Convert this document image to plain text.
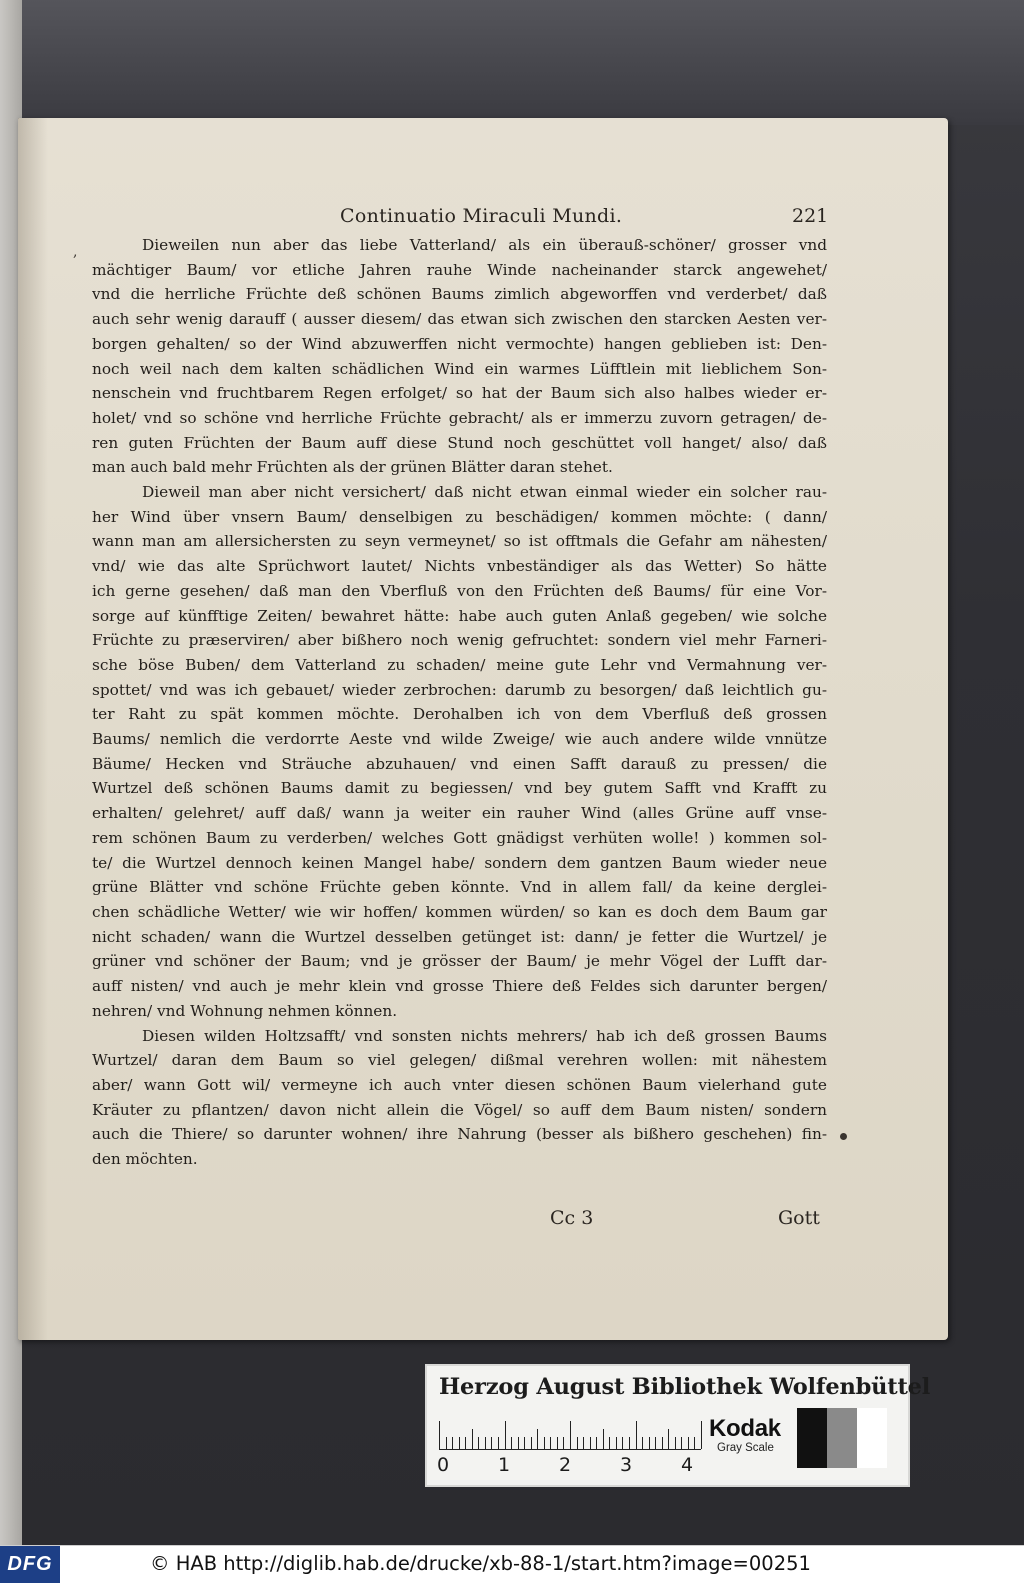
Continuatio Miraculi Mundi.	221
,	Dieweilen nun aber das liebe Vatterland/ als ein überauß-schöner/ grosser vnd
mächtiger Baum/ vor etliche Jahren rauhe Winde nacheinander starck angewehet/
vnd die herrliche Früchte deß schönen Baums zimlich abgeworffen vnd verderbet/ daß
auch sehr wenig darauff ( ausser diesem/ das etwan sich zwischen den starcken Aesten ver-
borgen gehalten/ so der Wind abzuwerffen nicht vermochte) hangen geblieben ist: Den-
noch weil nach dem kalten schädlichen Wind ein warmes Lüfftlein mit lieblichem Son-
nenschein vnd fruchtbarem Regen erfolget/ so hat der Baum sich also halbes wieder er-
holet/ vnd so schöne vnd herrliche Früchte gebracht/ als er immerzu zuvorn getragen/ de-
ren guten Früchten der Baum auff diese Stund noch geschüttet voll hanget/ also/ daß
man auch bald mehr Früchten als der grünen Blätter daran stehet.

Dieweil man aber nicht versichert/ daß nicht etwan einmal wieder ein solcher rau-
her Wind über vnsern Baum/ denselbigen zu beschädigen/ kommen möchte: ( dann/
wann man am allersichersten zu seyn vermeynet/ so ist offtmals die Gefahr am nähesten/
vnd/ wie das alte Sprüchwort lautet/ Nichts vnbeständiger als das Wetter) So hätte
ich gerne gesehen/ daß man den Vberfluß von den Früchten deß Baums/ für eine Vor-
sorge auf künfftige Zeiten/ bewahret hätte: habe auch guten Anlaß gegeben/ wie solche
Früchte zu præserviren/ aber bißhero noch wenig gefruchtet: sondern viel mehr Farneri-
sche böse Buben/ dem Vatterland zu schaden/ meine gute Lehr vnd Vermahnung ver-
spottet/ vnd was ich gebauet/ wieder zerbrochen: darumb zu besorgen/ daß leichtlich gu-
ter Raht zu spät kommen möchte. Derohalben ich von dem Vberfluß deß grossen
Baums/ nemlich die verdorrte Aeste vnd wilde Zweige/ wie auch andere wilde vnnütze
Bäume/ Hecken vnd Sträuche abzuhauen/ vnd einen Safft darauß zu pressen/ die
Wurtzel deß schönen Baums damit zu begiessen/ vnd bey gutem Safft vnd Krafft zu
erhalten/ gelehret/ auff daß/ wann ja weiter ein rauher Wind (alles Grüne auff vnse-
rem schönen Baum zu verderben/ welches Gott gnädigst verhüten wolle! ) kommen sol-
te/ die Wurtzel dennoch keinen Mangel habe/ sondern dem gantzen Baum wieder neue
grüne Blätter vnd schöne Früchte geben könnte. Vnd in allem fall/ da keine derglei-
chen schädliche Wetter/ wie wir hoffen/ kommen würden/ so kan es doch dem Baum gar
nicht schaden/ wann die Wurtzel desselben getünget ist: dann/ je fetter die Wurtzel/ je
grüner vnd schöner der Baum; vnd je grösser der Baum/ je mehr Vögel der Lufft dar-
auff nisten/ vnd auch je mehr klein vnd grosse Thiere deß Feldes sich darunter bergen/
nehren/ vnd Wohnung nehmen können.

Diesen wilden Holtzsafft/ vnd sonsten nichts mehrers/ hab ich deß grossen Baums
Wurtzel/ daran dem Baum so viel gelegen/ dißmal verehren wollen: mit nähestem
aber/ wann Gott wil/ vermeyne ich auch vnter diesen schönen Baum vielerhand gute
Kräuter zu pflantzen/ davon nicht allein die Vögel/ so auff dem Baum nisten/ sondern
auch die Thiere/ so darunter wohnen/ ihre Nahrung (besser als bißhero geschehen) fin-
den möchten.

Cc 3	Gott
Herzog August Bibliothek Wolfenbüttel
0	1	2	3	4
Kodak
Gray Scale
DFG	© HAB http://diglib.hab.de/drucke/xb-88-1/start.htm?image=00251
